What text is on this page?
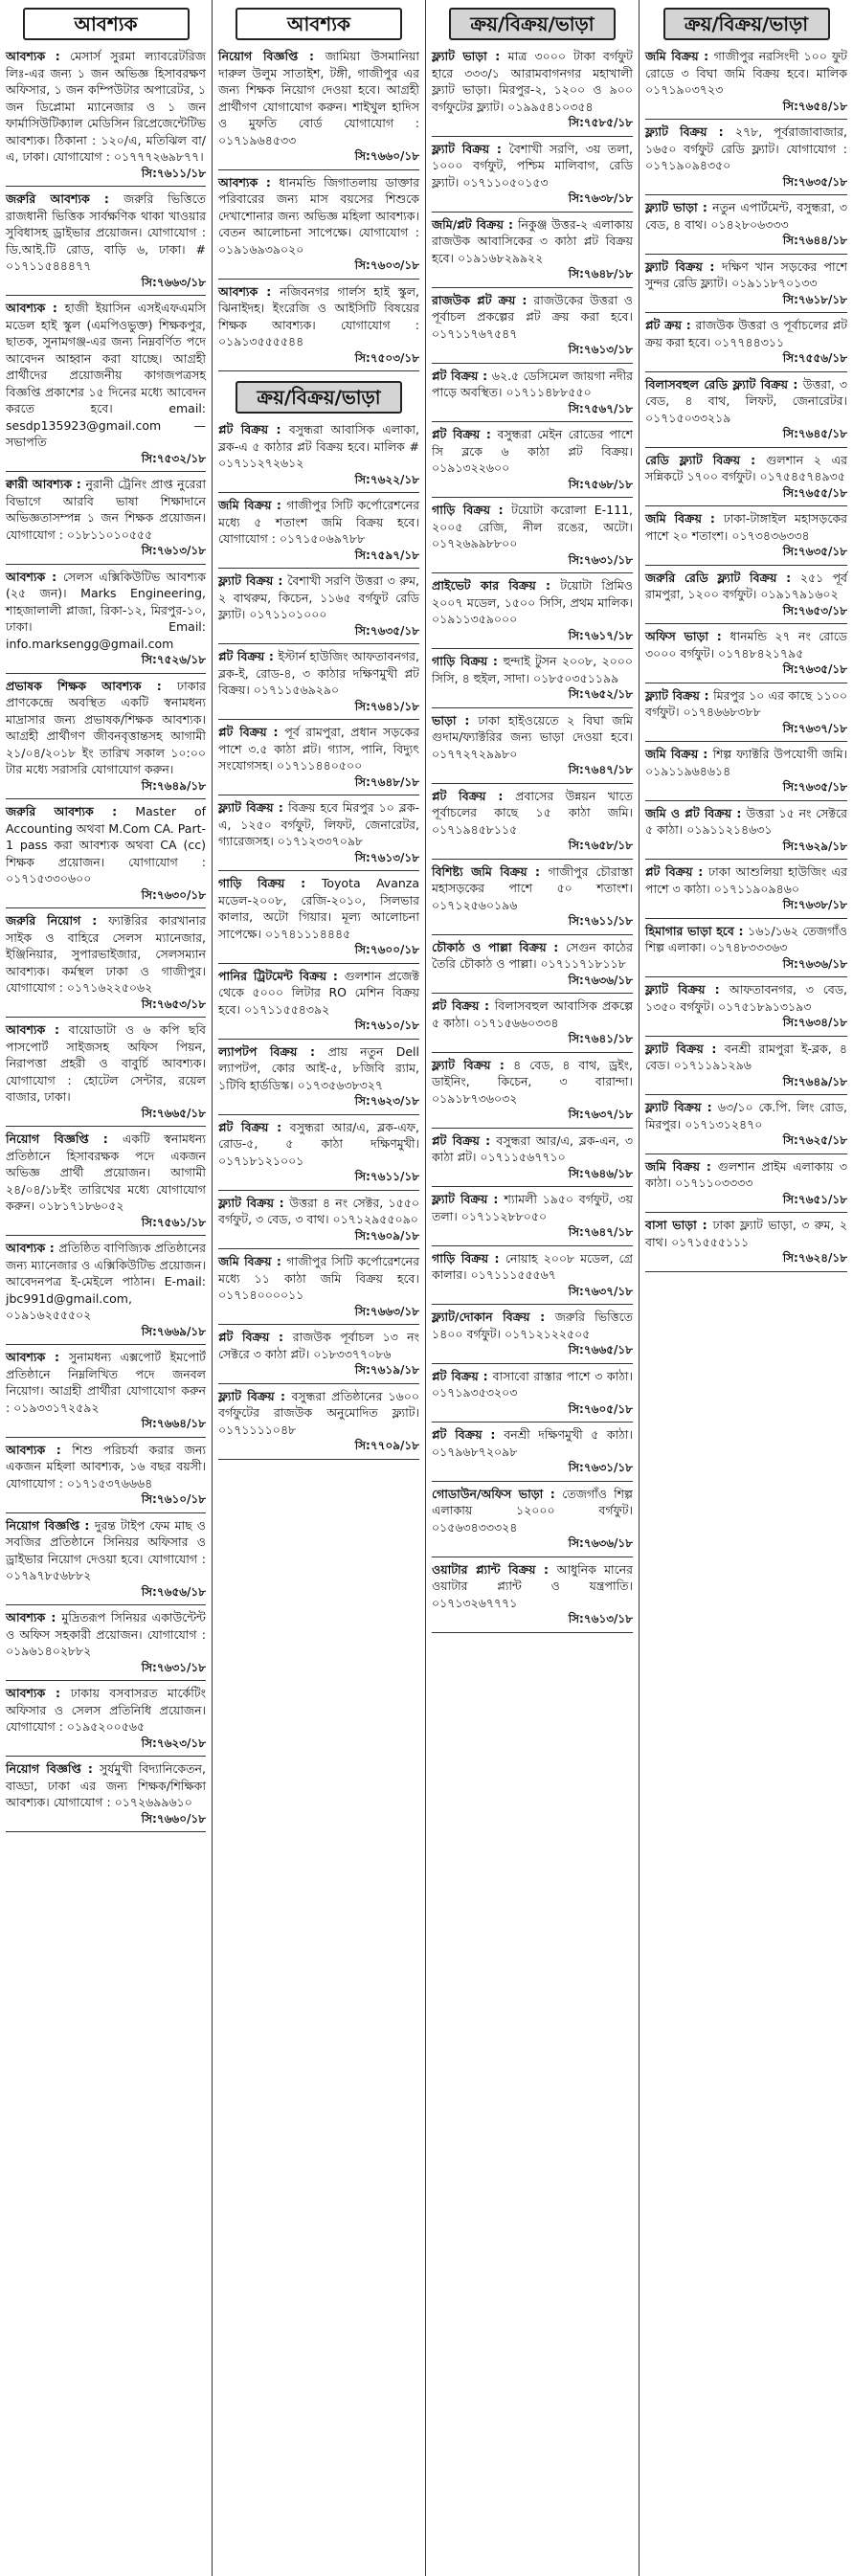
আবশ্যক
আবশ্যক : মেসার্স সুরমা ল্যাবরেটরিজ লিঃ-এর জন্য ১ জন অভিজ্ঞ হিসাবরক্ষণ অফিসার, ১ জন কম্পিউটার অপারেটর, ১ জন ডিপ্লোমা ম্যানেজার ও ১ জন ফার্মাসিউটিক্যাল মেডিসিন রিপ্রেজেন্টেটিভ আবশ্যক। ঠিকানা : ১২০/এ, মতিঝিল বা/এ, ঢাকা। যোগাযোগ : ০১৭৭৭২৬৯৮৭৭।
সি:৭৬১১/১৮
জরুরি আবশ্যক : জরুরি ভিত্তিতে রাজধানী ভিত্তিক সার্বক্ষণিক থাকা খাওয়ার সুবিধাসহ ড্রাইভার প্রয়োজন। যোগাযোগ : ডি.আই.টি রোড, বাড়ি ৬, ঢাকা। # ০১৭১১৫৪৪৪৭৭
সি:৭৬৬৩/১৮
আবশ্যক : হাজী ইয়াসিন এসইএফএমসি মডেল হাই স্কুল (এমপিওভুক্ত) শিক্ষকপুর, ছাতক, সুনামগঞ্জ-এর জন্য নিম্নবর্ণিত পদে আবেদন আহ্বান করা যাচ্ছে। আগ্রহী প্রার্থীদের প্রয়োজনীয় কাগজপত্রসহ বিজ্ঞপ্তি প্রকাশের ১৫ দিনের মধ্যে আবেদন করতে হবে। email: sesdp135923@gmail.com —সভাপতি
সি:৭৫৩২/১৮
ক্বারী আবশ্যক : নুরানী ট্রেনিং প্রাপ্ত নুরেরা বিভাগে আরবি ভাষা শিক্ষাদানে অভিজ্ঞতাসম্পন্ন ১ জন শিক্ষক প্রয়োজন। যোগাযোগ : ০১৮১১০১০৫৫৫
সি:৭৬১৩/১৮
আবশ্যক : সেলস এক্সিকিউটিভ আবশ্যক (২৫ জন)। Marks Engineering, শাহজালালী প্লাজা, রিকা-১২, মিরপুর-১০, ঢাকা। Email: info.marksengg@gmail.com
সি:৭৫২৬/১৮
প্রভাষক শিক্ষক আবশ্যক : ঢাকার প্রাণকেন্দ্রে অবস্থিত একটি স্বনামধন্য মাদ্রাসার জন্য প্রভাষক/শিক্ষক আবশ্যক। আগ্রহী প্রার্থীগণ জীবনবৃত্তান্তসহ আগামী ২১/০৪/২০১৮ ইং তারিখ সকাল ১০:০০ টার মধ্যে সরাসরি যোগাযোগ করুন।
সি:৭৬৪৯/১৮
জরুরি আবশ্যক : Master of Accounting অথবা M.Com CA. Part-1 pass করা আবশ্যক অথবা CA (cc) শিক্ষক প্রয়োজন। যোগাযোগ : ০১৭১৫৩৩০৬০০
সি:৭৬৩০/১৮
জরুরি নিয়োগ : ফ্যাক্টরির কারখানার সাইক ও বাহিরে সেলস ম্যানেজার, ইঞ্জিনিয়ার, সুপারভাইজার, সেলসম্যান আবশ্যক। কর্মস্থল ঢাকা ও গাজীপুর। যোগাযোগ : ০১৭১৬২২৫০৬২
সি:৭৬৫৩/১৮
আবশ্যক : বায়োডাটা ও ৬ কপি ছবি পাসপোর্ট সাইজসহ অফিস পিয়ন, নিরাপত্তা প্রহরী ও বাবুর্চি আবশ্যক। যোগাযোগ : হোটেল সেন্টার, রয়েল বাজার, ঢাকা।
সি:৭৬৬৫/১৮
নিয়োগ বিজ্ঞপ্তি : একটি স্বনামধন্য প্রতিষ্ঠানে হিসাবরক্ষক পদে একজন অভিজ্ঞ প্রার্থী প্রয়োজন। আগামী ২৪/০৪/১৮ইং তারিখের মধ্যে যোগাযোগ করুন। ০১৮১৭১৮৬০৫২
সি:৭৫৬১/১৮
আবশ্যক : প্রতিষ্ঠিত বাণিজ্যিক প্রতিষ্ঠানের জন্য ম্যানেজার ও এক্সিকিউটিভ প্রয়োজন। আবেদনপত্র ই-মেইলে পাঠান। E-mail: jbc991d@gmail.com, ০১৯১৬২৫৫৫০২
সি:৭৬৬৯/১৮
আবশ্যক : সুনামধন্য এক্সপোর্ট ইমপোর্ট প্রতিষ্ঠানে নিম্নলিখিত পদে জনবল নিয়োগ। আগ্রহী প্রার্থীরা যোগাযোগ করুন : ০১৯৩৩১৭২৫৯২
সি:৭৬৬৪/১৮
আবশ্যক : শিশু পরিচর্যা করার জন্য একজন মহিলা আবশ্যক, ১৬ বছর বয়সী। যোগাযোগ : ০১৭১৫৩৭৬৬৬৪
সি:৭৬১০/১৮
নিয়োগ বিজ্ঞপ্তি : দুরন্ত টাইপ ফেম মাছ ও সবজির প্রতিষ্ঠানে সিনিয়র অফিসার ও ড্রাইভার নিয়োগ দেওয়া হবে। যোগাযোগ : ০১৭৯৭৮৫৬৮৮২
সি:৭৬৫৬/১৮
আবশ্যক : মুদ্রিতরূপ সিনিয়র একাউন্টেন্ট ও অফিস সহকারী প্রয়োজন। যোগাযোগ : ০১৯৬১৪০২৮৮২
সি:৭৬৩১/১৮
আবশ্যক : ঢাকায় বসবাসরত মার্কেটিং অফিসার ও সেলস প্রতিনিধি প্রয়োজন। যোগাযোগ : ০১৯৫২০০৫৬৫
সি:৭৬২৩/১৮
নিয়োগ বিজ্ঞপ্তি : সুর্যমুখী বিদ্যানিকেতন, বাড্ডা, ঢাকা এর জন্য শিক্ষক/শিক্ষিকা আবশ্যক। যোগাযোগ : ০১৭২৬৯৯৬১০
সি:৭৬৬০/১৮
আবশ্যক
নিয়োগ বিজ্ঞপ্তি : জামিয়া উসমানিয়া দারুল উলুম সাতাইশ, টঙ্গী, গাজীপুর এর জন্য শিক্ষক নিয়োগ দেওয়া হবে। আগ্রহী প্রার্থীগণ যোগাযোগ করুন। শাইখুল হাদিস ও মুফতি বোর্ড যোগাযোগ : ০১৭১৯৬৪৫৩৩
সি:৭৬৬০/১৮
আবশ্যক : ধানমন্ডি জিগাতলায় ডাক্তার পরিবারের জন্য মাস বয়সের শিশুকে দেখাশোনার জন্য অভিজ্ঞ মহিলা আবশ্যক। বেতন আলোচনা সাপেক্ষে। যোগাযোগ : ০১৯১৬৯৩৯০২০
সি:৭৬০৩/১৮
আবশ্যক : নজিবনগর গার্লস হাই স্কুল, ঝিনাইদহ। ইংরেজি ও আইসিটি বিষয়ের শিক্ষক আবশ্যক। যোগাযোগ : ০১৯১৩৫৫৫৫৪৪
সি:৭৫০৩/১৮
ক্রয়/বিক্রয়/ভাড়া
প্লট বিক্রয় : বসুন্ধরা আবাসিক এলাকা, ব্লক-এ ৫ কাঠার প্লট বিক্রয় হবে। মালিক # ০১৭১১২৭২৬১২
সি:৭৬২২/১৮
জমি বিক্রয় : গাজীপুর সিটি কর্পোরেশনের মধ্যে ৫ শতাংশ জমি বিক্রয় হবে। যোগাযোগ : ০১৭১৫০৬৯৭৮৮
সি:৭৫৯৭/১৮
ফ্ল্যাট বিক্রয় : বৈশাখী সরণি উত্তরা ৩ রুম, ২ বাথরুম, কিচেন, ১১৬৫ বর্গফুট রেডি ফ্ল্যাট। ০১৭১১০১০০০
সি:৭৬৩৫/১৮
প্লট বিক্রয় : ইস্টার্ন হাউজিং আফতাবনগর, ব্লক-ই, রোড-৪, ৩ কাঠার দক্ষিণমুখী প্লট বিক্রয়। ০১৭১১৫৬৯২৯০
সি:৭৬৪১/১৮
প্লট বিক্রয় : পূর্ব রামপুরা, প্রধান সড়কের পাশে ৩.৫ কাঠা প্লট। গ্যাস, পানি, বিদ্যুৎ সংযোগসহ। ০১৭১১৪৪০৫০০
সি:৭৬৪৮/১৮
ফ্ল্যাট বিক্রয় : বিক্রয় হবে মিরপুর ১০ ব্লক-এ, ১২৫০ বর্গফুট, লিফট, জেনারেটর, গ্যারেজসহ। ০১৭১২৩৩৭০৯৮
সি:৭৬১৩/১৮
গাড়ি বিক্রয় : Toyota Avanza মডেল-২০০৮, রেজি-২০১০, সিলভার কালার, অটো গিয়ার। মূল্য আলোচনা সাপেক্ষে। ০১৭৪১১১৪৪৪৫
সি:৭৬০০/১৮
পানির ট্রিটমেন্ট বিক্রয় : গুলশান প্রজেক্ট থেকে ৫০০০ লিটার RO মেশিন বিক্রয় হবে। ০১৭১১৫৫৪৩৯২
সি:৭৬১০/১৮
ল্যাপটপ বিক্রয় : প্রায় নতুন Dell ল্যাপটপ, কোর আই-৫, ৮জিবি র‍্যাম, ১টিবি হার্ডডিস্ক। ০১৭৩৫৬৩৮৩২৭
সি:৭৬২৩/১৮
প্লট বিক্রয় : বসুন্ধরা আর/এ, ব্লক-এফ, রোড-৫, ৫ কাঠা দক্ষিণমুখী। ০১৭১৮১২১০০১
সি:৭৬১১/১৮
ফ্ল্যাট বিক্রয় : উত্তরা ৪ নং সেক্টর, ১৫৫০ বর্গফুট, ৩ বেড, ৩ বাথ। ০১৭১২৯৫৫০৯০
সি:৭৬০৯/১৮
জমি বিক্রয় : গাজীপুর সিটি কর্পোরেশনের মধ্যে ১১ কাঠা জমি বিক্রয় হবে। ০১৭১৪০০০০১১
সি:৭৬৬৩/১৮
প্লট বিক্রয় : রাজউক পূর্বাচল ১৩ নং সেক্টরে ৩ কাঠা প্লট। ০১৮৩৩৭৭০৮৬
সি:৭৬১৯/১৮
ফ্ল্যাট বিক্রয় : বসুন্ধরা প্রতিষ্ঠানের ১৬০০ বর্গফুটের রাজউক অনুমোদিত ফ্ল্যাট। ০১৭১১১১০৪৮
সি:৭৭০৯/১৮
ক্রয়/বিক্রয়/ভাড়া
ফ্ল্যাট ভাড়া : মাত্র ৩০০০ টাকা বর্গফুট হারে ৩৩৩/১ আরামবাগনগর মহাখালী ফ্ল্যাট ভাড়া। মিরপুর-২, ১২০০ ও ৯০০ বর্গফুটের ফ্ল্যাট। ০১৯৯৫৪১০৩৫৪
সি:৭৫৮৫/১৮
ফ্ল্যাট বিক্রয় : বৈশাখী সরণি, ৩য় তলা, ১০০০ বর্গফুট, পশ্চিম মালিবাগ, রেডি ফ্ল্যাট। ০১৭১১০৫০১৫৩
সি:৭৬৩৮/১৮
জমি/প্লট বিক্রয় : নিকুঞ্জ উত্তর-২ এলাকায় রাজউক আবাসিকের ৩ কাঠা প্লট বিক্রয় হবে। ০১৯১৬৮২৯৯২২
সি:৭৬৪৮/১৮
রাজউক প্লট ক্রয় : রাজউকের উত্তরা ও পূর্বাচল প্রকল্পের প্লট ক্রয় করা হবে। ০১৭১১৭৬৭৫৪৭
সি:৭৬১৩/১৮
প্লট বিক্রয় : ৬২.৫ ডেসিমেল জায়গা নদীর পাড়ে অবস্থিত। ০১৭১১৪৮৮৫৫০
সি:৭৫৬৭/১৮
প্লট বিক্রয় : বসুন্ধরা মেইন রোডের পাশে সি ব্লকে ৬ কাঠা প্লট বিক্রয়। ০১৯১৩২২৬০০
সি:৭৫৬৮/১৮
গাড়ি বিক্রয় : টয়োটা করোলা E-111, ২০০৫ রেজি, নীল রঙের, অটো। ০১৭২৬৯৯৮৮০০
সি:৭৬৩১/১৮
প্রাইভেট কার বিক্রয় : টয়োটা প্রিমিও ২০০৭ মডেল, ১৫০০ সিসি, প্রথম মালিক। ০১৯১১৩৫৯০০০
সি:৭৬১৭/১৮
গাড়ি বিক্রয় : হুন্দাই টুসন ২০০৮, ২০০০ সিসি, ৪ হুইল, সাদা। ০১৮৫০৩৫১১৯৯
সি:৭৬৫২/১৮
ভাড়া : ঢাকা হাইওয়েতে ২ বিঘা জমি গুদাম/ফ্যাক্টরির জন্য ভাড়া দেওয়া হবে। ০১৭৭২৭২৯৯৮০
সি:৭৬৪৭/১৮
প্লট বিক্রয় : প্রবাসের উন্নয়ন খাতে পূর্বাচলের কাছে ১৫ কাঠা জমি। ০১৭১৯৪৫৮১১৫
সি:৭৬৫৮/১৮
বিশিষ্ট্য জমি বিক্রয় : গাজীপুর চৌরাস্তা মহাসড়কের পাশে ৫০ শতাংশ। ০১৭১২৫৬০১৯৬
সি:৭৬১১/১৮
চৌকাঠ ও পাল্লা বিক্রয় : সেগুন কাঠের তৈরি চৌকাঠ ও পাল্লা। ০১৭১১৭১৮১১৮
সি:৭৬৩৬/১৮
প্লট বিক্রয় : বিলাসবহুল আবাসিক প্রকল্পে ৫ কাঠা। ০১৭১৫৬৬০৩৩৪
সি:৭৬৪১/১৮
ফ্ল্যাট বিক্রয় : ৪ বেড, ৪ বাথ, ড্রইং, ডাইনিং, কিচেন, ৩ বারান্দা। ০১৯১৮৭৩৬০৩২
সি:৭৬৩৭/১৮
প্লট বিক্রয় : বসুন্ধরা আর/এ, ব্লক-এন, ৩ কাঠা প্লট। ০১৭১১৫৬৭৭১০
সি:৭৬৪৬/১৮
ফ্ল্যাট বিক্রয় : শ্যামলী ১৯৫০ বর্গফুট, ৩য় তলা। ০১৭১১২৮৮০৫০
সি:৭৬৪৭/১৮
গাড়ি বিক্রয় : নোয়াহ ২০০৮ মডেল, গ্রে কালার। ০১৭১১১৫৫৫৬৭
সি:৭৬৩৭/১৮
ফ্ল্যাট/দোকান বিক্রয় : জরুরি ভিত্তিতে ১৪০০ বর্গফুট। ০১৭১২১২২৫০৫
সি:৭৬৬৫/১৮
প্লট বিক্রয় : বাসাবো রাস্তার পাশে ৩ কাঠা। ০১৭১৯৩৫৩২০৩
সি:৭৬০৫/১৮
প্লট বিক্রয় : বনশ্রী দক্ষিণমুখী ৫ কাঠা। ০১৭৯৬৮৭২০৯৮
সি:৭৬৩১/১৮
গোডাউন/অফিস ভাড়া : তেজগাঁও শিল্প এলাকায় ১২০০০ বর্গফুট। ০১৫৬৩৪৩৩৩২৪
সি:৭৬৩৬/১৮
ওয়াটার প্ল্যান্ট বিক্রয় : আধুনিক মানের ওয়াটার প্ল্যান্ট ও যন্ত্রপাতি। ০১৭১৩২৬৭৭৭১
সি:৭৬১৩/১৮
ক্রয়/বিক্রয়/ভাড়া
জমি বিক্রয় : গাজীপুর নরসিংদী ১০০ ফুট রোডে ৩ বিঘা জমি বিক্রয় হবে। মালিক ০১৭১৯০৩৭২৩
সি:৭৬৫৪/১৮
ফ্ল্যাট বিক্রয় : ২৭৮, পূর্বরাজাবাজার, ১৬৫০ বর্গফুট রেডি ফ্ল্যাট। যোগাযোগ : ০১৭১৯০৯৪৩৫০
সি:৭৬৩৫/১৮
ফ্ল্যাট ভাড়া : নতুন এপার্টমেন্ট, বসুন্ধরা, ৩ বেড, ৪ বাথ। ০১৪২৮০৬৩৩৩
সি:৭৬৪৪/১৮
ফ্ল্যাট বিক্রয় : দক্ষিণ খান সড়কের পাশে সুন্দর রেডি ফ্ল্যাট। ০১৯১১৮৭০১৩৩
সি:৭৬১৮/১৮
প্লট ক্রয় : রাজউক উত্তরা ও পূর্বাচলের প্লট ক্রয় করা হবে। ০১৭৭৪৪৩১১
সি:৭৫৫৬/১৮
বিলাসবহুল রেডি ফ্ল্যাট বিক্রয় : উত্তরা, ৩ বেড, ৪ বাথ, লিফট, জেনারেটর। ০১৭১৫০৩৩২১৯
সি:৭৬৪৫/১৮
রেডি ফ্ল্যাট বিক্রয় : গুলশান ২ এর সন্নিকটে ১৭০০ বর্গফুট। ০১৭৫৪৫৭৪৯৩৫
সি:৭৬৫৫/১৮
জমি বিক্রয় : ঢাকা-টাঙ্গাইল মহাসড়কের পাশে ২০ শতাংশ। ০১৭৩৪৩৬৩৩৪
সি:৭৬৩৫/১৮
জরুরি রেডি ফ্ল্যাট বিক্রয় : ২৫১ পূর্ব রামপুরা, ১২০০ বর্গফুট। ০১৯১৭৯১৬০২
সি:৭৬৫৩/১৮
অফিস ভাড়া : ধানমন্ডি ২৭ নং রোডে ৩০০০ বর্গফুট। ০১৭৪৮৪২১৭৯৫
সি:৭৬৩৫/১৮
ফ্ল্যাট বিক্রয় : মিরপুর ১০ এর কাছে ১১০০ বর্গফুট। ০১৭৪৬৬৮৩৮৮
সি:৭৬৩৭/১৮
জমি বিক্রয় : শিল্প ফ্যাক্টরি উপযোগী জমি। ০১৯১১৯৬৪৬১৪
সি:৭৬৩৫/১৮
জমি ও প্লট বিক্রয় : উত্তরা ১৫ নং সেক্টরে ৫ কাঠা। ০১৯১১২১৪৬৩১
সি:৭৬২৯/১৮
প্লট বিক্রয় : ঢাকা আশুলিয়া হাউজিং এর পাশে ৩ কাঠা। ০১৭১১৯০৯৪৬০
সি:৭৬৩৮/১৮
হিমাগার ভাড়া হবে : ১৬১/১৬২ তেজগাঁও শিল্প এলাকা। ০১৭৪৮৩৩৩৬৩
সি:৭৬৩৬/১৮
ফ্ল্যাট বিক্রয় : আফতাবনগর, ৩ বেড, ১৩৫০ বর্গফুট। ০১৭৫১৮৯১৩১৯৩
সি:৭৬৩৪/১৮
ফ্ল্যাট বিক্রয় : বনশ্রী রামপুরা ই-ব্লক, ৪ বেড। ০১৭১১৯১২৯৬
সি:৭৬৪৯/১৮
ফ্ল্যাট বিক্রয় : ৬৩/১০ কে.পি. লিং রোড, মিরপুর। ০১৭১৩১২৪৭০
সি:৭৬২৫/১৮
জমি বিক্রয় : গুলশান প্রাইম এলাকায় ৩ কাঠা। ০১৭১১০৩৩৩৩
সি:৭৬৫১/১৮
বাসা ভাড়া : ঢাকা ফ্ল্যাট ভাড়া, ৩ রুম, ২ বাথ। ০১৭১৫৫৫১১১
সি:৭৬২৪/১৮
